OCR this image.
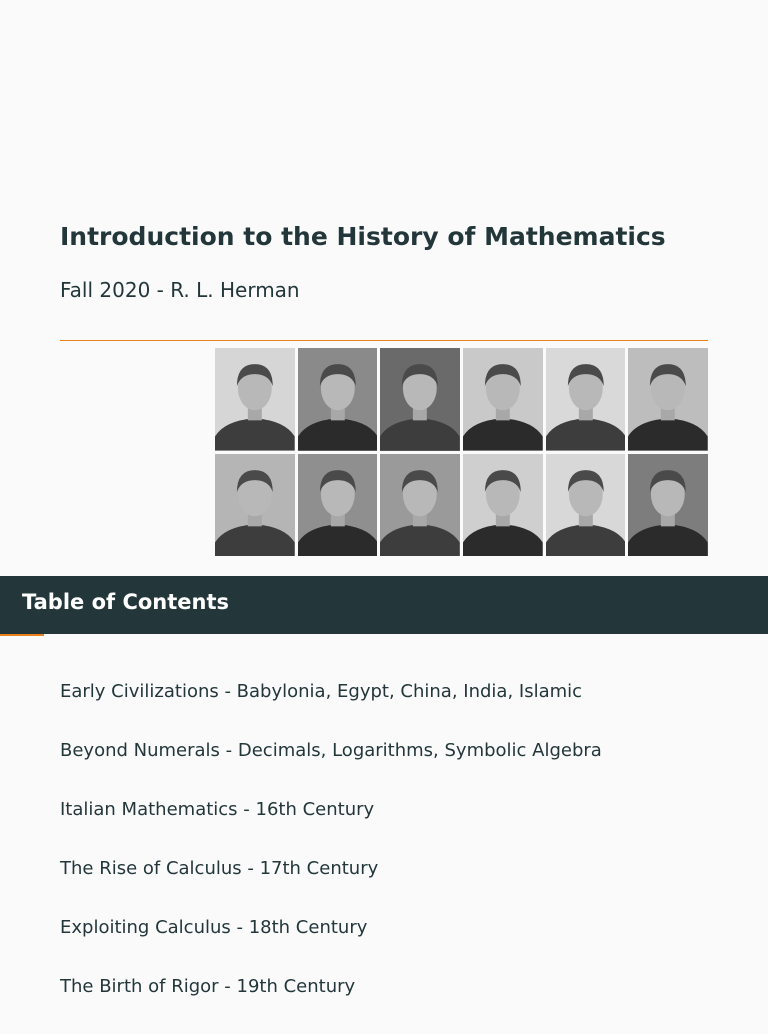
Introduction to the History of Mathematics

Fall 2020 - R. L. Herman

Table of Contents
Early Civilizations - Babylonia, Egypt, China, India, Islamic
Beyond Numerals - Decimals, Logarithms, Symbolic Algebra
Italian Mathematics - 16th Century
The Rise of Calculus - 17th Century
Exploiting Calculus - 18th Century
The Birth of Rigor - 19th Century
